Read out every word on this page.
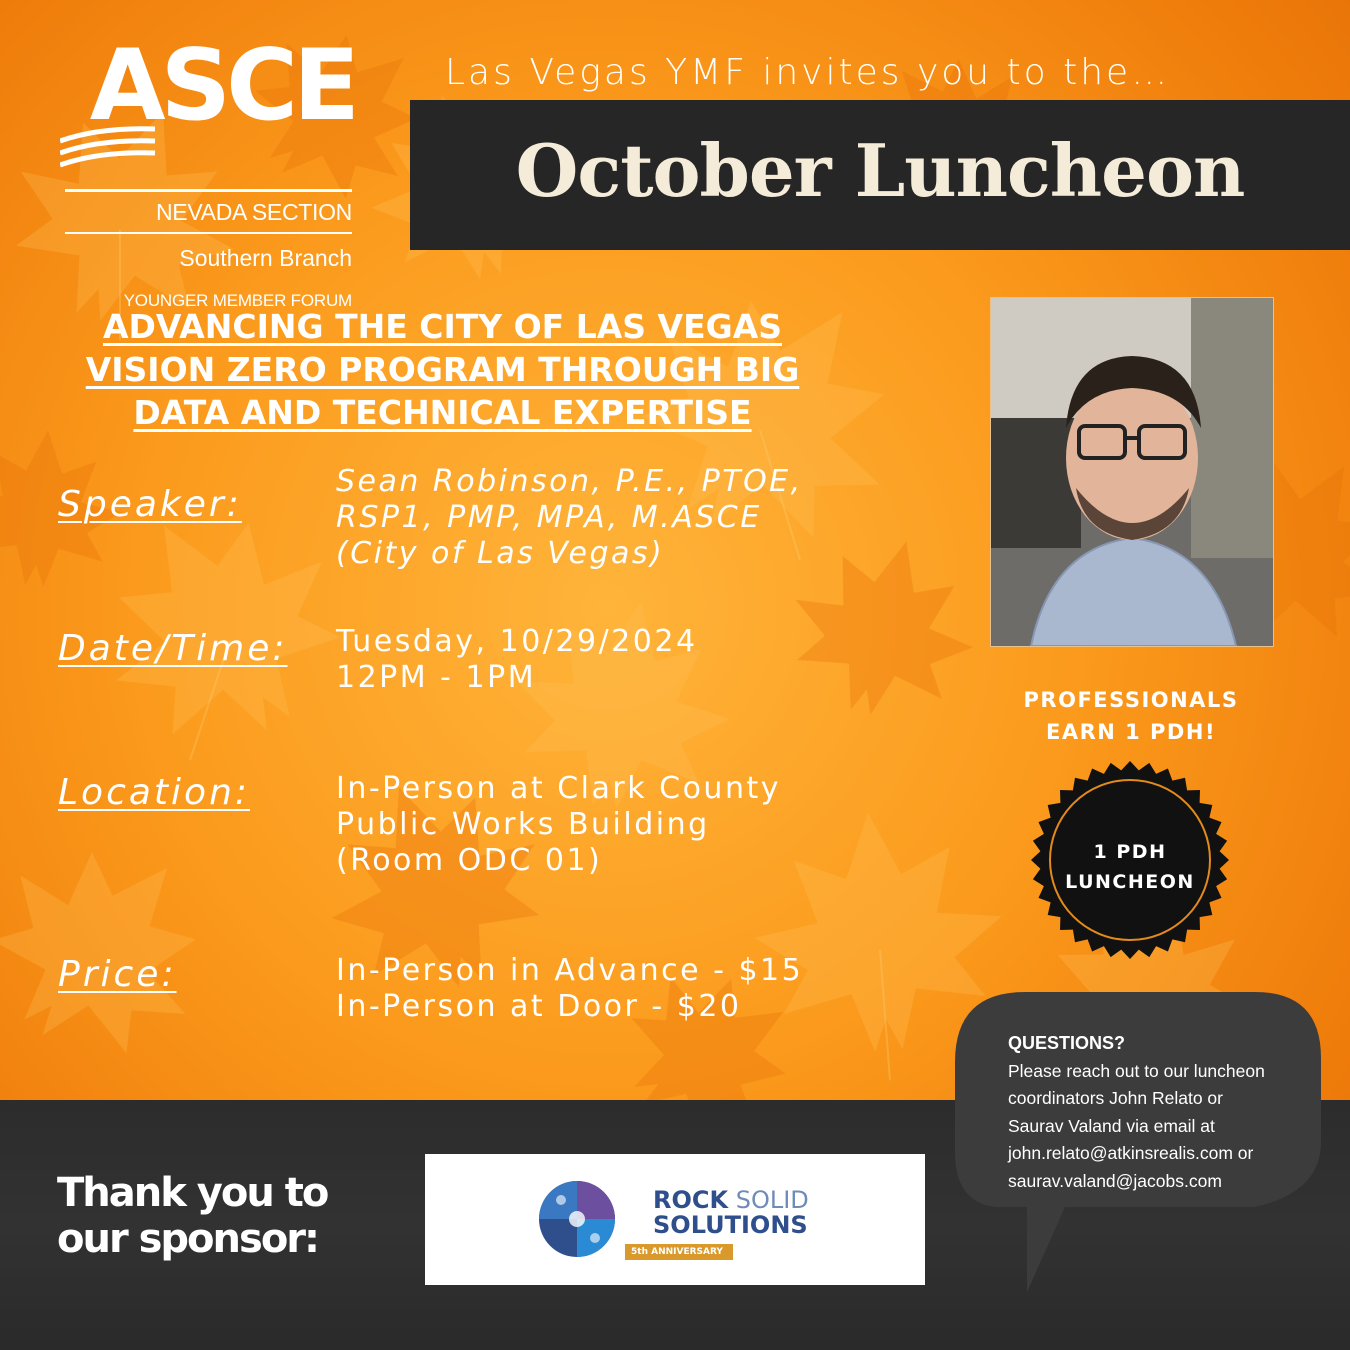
ASCE
NEVADA SECTION
Southern Branch
YOUNGER MEMBER FORUM
Las Vegas YMF invites you to the…
October Luncheon
ADVANCING THE CITY OF LAS VEGAS VISION ZERO PROGRAM THROUGH BIG DATA AND TECHNICAL EXPERTISE
Speaker:
Sean Robinson, P.E., PTOE,
RSP1, PMP, MPA, M.ASCE
(City of Las Vegas)
Date/Time: Tuesday, 10/29/2024
12PM - 1PM
Location:	In-Person at Clark County
Public Works Building
(Room ODC 01)
Price:	In-Person in Advance - $15
In-Person at Door - $20
PROFESSIONALS
EARN 1 PDH!
1 PDH
LUNCHEON
Thank you to
our sponsor:
ROCK SOLID
SOLUTIONS
5th ANNIVERSARY
QUESTIONS?
Please reach out to our luncheon
coordinators John Relato or
Saurav Valand via email at
john.relato@atkinsrealis.com or
saurav.valand@jacobs.com
